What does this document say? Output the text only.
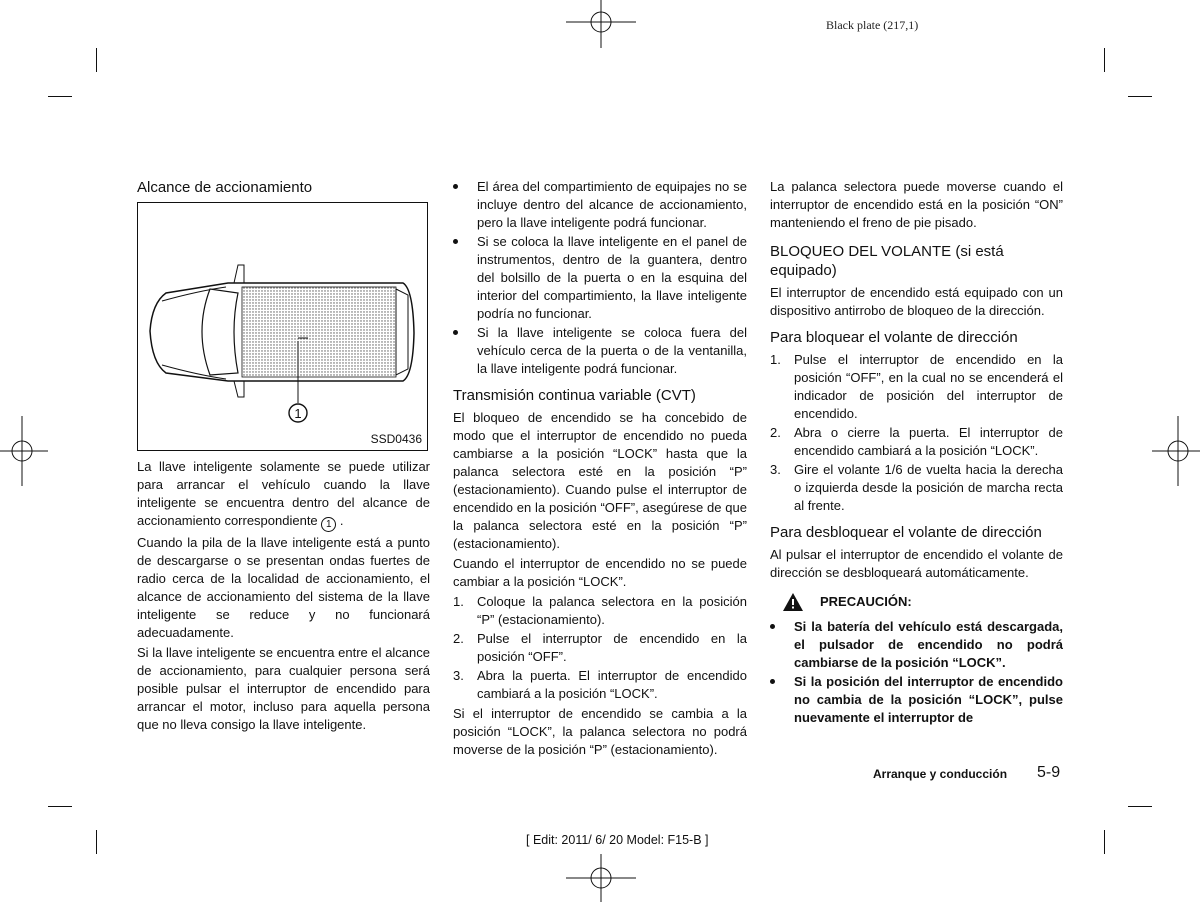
Black plate (217,1)
Alcance de accionamiento
1
SSD0436

La llave inteligente solamente se puede utilizar para arrancar el vehículo cuando la llave inteligente se encuentra dentro del alcance de accionamiento correspondiente 1 .

Cuando la pila de la llave inteligente está a punto de descargarse o se presentan ondas fuertes de radio cerca de la localidad de accionamiento, el alcance de accionamiento del sistema de la llave inteligente se reduce y no funcionará adecuadamente.

Si la llave inteligente se encuentra entre el alcance de accionamiento, para cualquier persona será posible pulsar el interruptor de encendido para arrancar el motor, incluso para aquella persona que no lleva consigo la llave inteligente.

El área del compartimiento de equipajes no se incluye dentro del alcance de accionamiento, pero la llave inteligente podrá funcionar.
Si se coloca la llave inteligente en el panel de instrumentos, dentro de la guantera, dentro del bolsillo de la puerta o en la esquina del interior del compartimiento, la llave inteligente podría no funcionar.
Si la llave inteligente se coloca fuera del vehículo cerca de la puerta o de la ventanilla, la llave inteligente podrá funcionar.
Transmisión continua variable (CVT)

El bloqueo de encendido se ha concebido de modo que el interruptor de encendido no pueda cambiarse a la posición “LOCK” hasta que la palanca selectora esté en la posición “P” (estacionamiento). Cuando pulse el interruptor de encendido en la posición “OFF”, asegúrese de que la palanca selectora esté en la posición “P” (estacionamiento).

Cuando el interruptor de encendido no se puede cambiar a la posición “LOCK”.

1. Coloque la palanca selectora en la posición “P” (estacionamiento).
2. Pulse el interruptor de encendido en la posición “OFF”.
3. Abra la puerta. El interruptor de encendido cambiará a la posición “LOCK”.

Si el interruptor de encendido se cambia a la posición “LOCK”, la palanca selectora no podrá moverse de la posición “P” (estacionamiento).

La palanca selectora puede moverse cuando el interruptor de encendido está en la posición “ON” manteniendo el freno de pie pisado.

BLOQUEO DEL VOLANTE (si está equipado)

El interruptor de encendido está equipado con un dispositivo antirrobo de bloqueo de la dirección.

Para bloquear el volante de dirección
1. Pulse el interruptor de encendido en la posición “OFF”, en la cual no se encenderá el indicador de posición del interruptor de encendido.
2. Abra o cierre la puerta. El interruptor de encendido cambiará a la posición “LOCK”.
3. Gire el volante 1/6 de vuelta hacia la derecha o izquierda desde la posición de marcha recta al frente.
Para desbloquear el volante de dirección

Al pulsar el interruptor de encendido el volante de dirección se desbloqueará automáticamente.

PRECAUCIÓN:
Si la batería del vehículo está descargada, el pulsador de encendido no podrá cambiarse de la posición “LOCK”.
Si la posición del interruptor de encendido no cambia de la posición “LOCK”, pulse nuevamente el interruptor de
Arranque y conducción 5-9
[ Edit: 2011/ 6/ 20 Model: F15-B ]
